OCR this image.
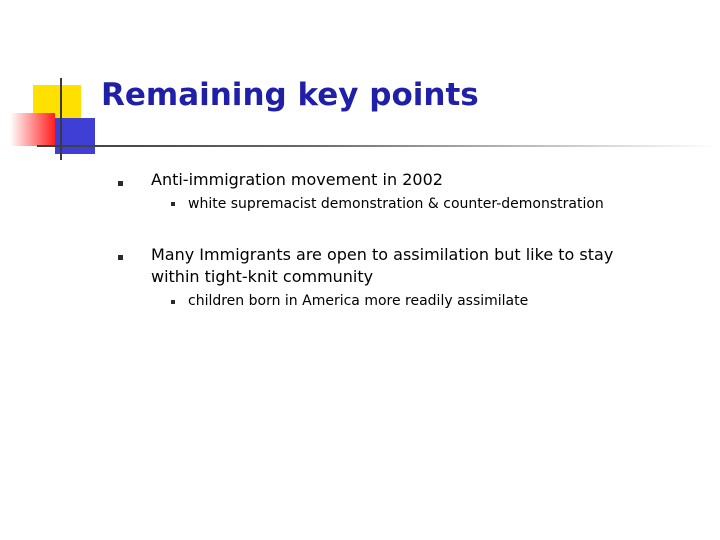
Remaining key points
Anti-immigration movement in 2002
white supremacist demonstration & counter-demonstration
Many Immigrants are open to assimilation but like to stay
within tight-knit community
children born in America more readily assimilate
